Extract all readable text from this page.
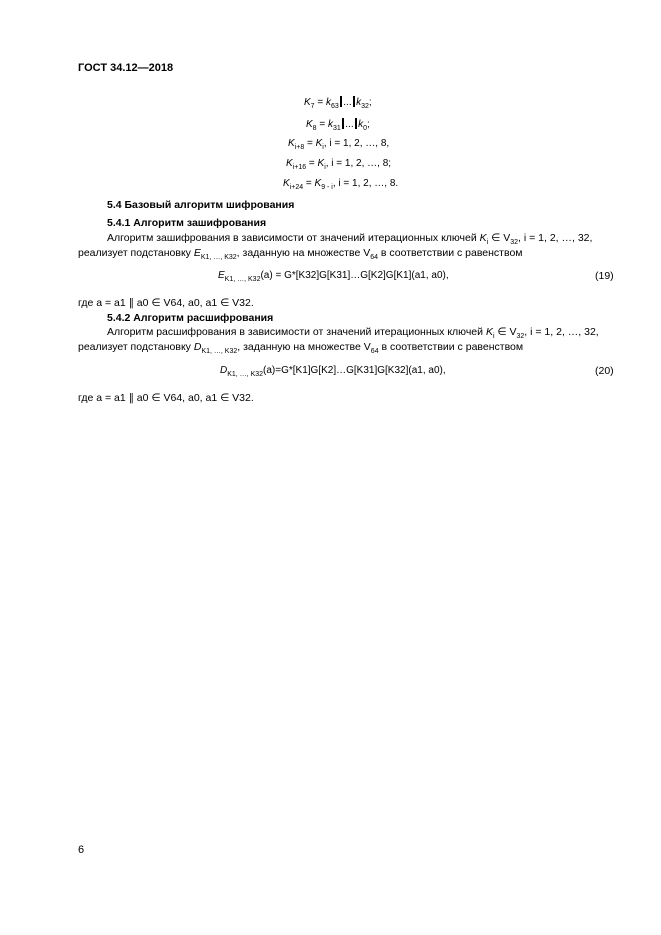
ГОСТ 34.12—2018
$K_7 = k_{63}$ ... $k_{32}$;
$K_8 = k_{31}$ ... $k_0$;
$K_{i+8} = K_i$, i = 1, 2, …, 8,
$K_{i+16} = K_i$, i = 1, 2, …, 8;
$K_{i+24} = K_{9 - i}$, i = 1, 2, …, 8.
5.4 Базовый алгоритм шифрования
5.4.1 Алгоритм зашифрования
Алгоритм зашифрования в зависимости от значений итерационных ключей $K_i$ ∈ $V_{32}$, i = 1, 2, …, 32,
реализует подстановку $E_{K1, \dots, K32}$, заданную на множестве $V_{64}$ в соответствии с равенством
$E_{K1, \dots, K32}(a)$ = G*[K32]G[K31]…G[K2]G[K1](a1, a0),	(19)
где a = a1 ∥ a0 ∈ V64, a0, a1 ∈ V32.
5.4.2 Алгоритм расшифрования
Алгоритм расшифрования в зависимости от значений итерационных ключей $K_i$ ∈ $V_{32}$, i = 1, 2, …, 32,
реализует подстановку $D_{K1, \dots, K32}$, заданную на множестве $V_{64}$ в соответствии с равенством
$D_{K1, \dots, K32}(a)=G*[K1]G[K2]\dots G[K31]G[K32](a1$, a0),	(20)
где a = a1 ∥ a0 ∈ V64, a0, a1 ∈ V32.
6
